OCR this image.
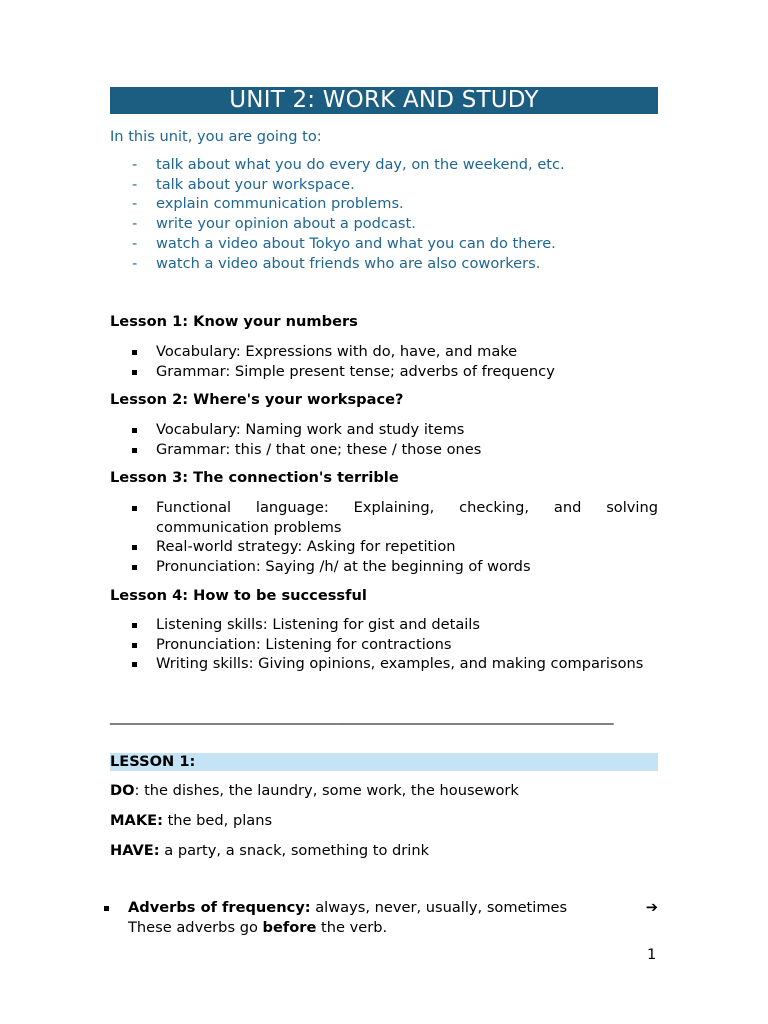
UNIT 2: WORK AND STUDY
In this unit, you are going to:
- talk about what you do every day, on the weekend, etc.
- talk about your workspace.
- explain communication problems.
- write your opinion about a podcast.
- watch a video about Tokyo and what you can do there.
- watch a video about friends who are also coworkers.
Lesson 1: Know your numbers
Vocabulary: Expressions with do, have, and make
Grammar: Simple present tense; adverbs of frequency
Lesson 2: Where's your workspace?
Vocabulary: Naming work and study items
Grammar: this / that one; these / those ones
Lesson 3: The connection's terrible
Functional language: Explaining, checking, and solving communication problems
Real-world strategy: Asking for repetition
Pronunciation: Saying /h/ at the beginning of words
Lesson 4: How to be successful
Listening skills: Listening for gist and details
Pronunciation: Listening for contractions
Writing skills: Giving opinions, examples, and making comparisons
_____________________________________________________________________
LESSON 1:
DO: the dishes, the laundry, some work, the housework
MAKE: the bed, plans
HAVE: a party, a snack, something to drink
Adverbs of frequency: always, never, usually, sometimes	➔
These adverbs go before the verb.
1
